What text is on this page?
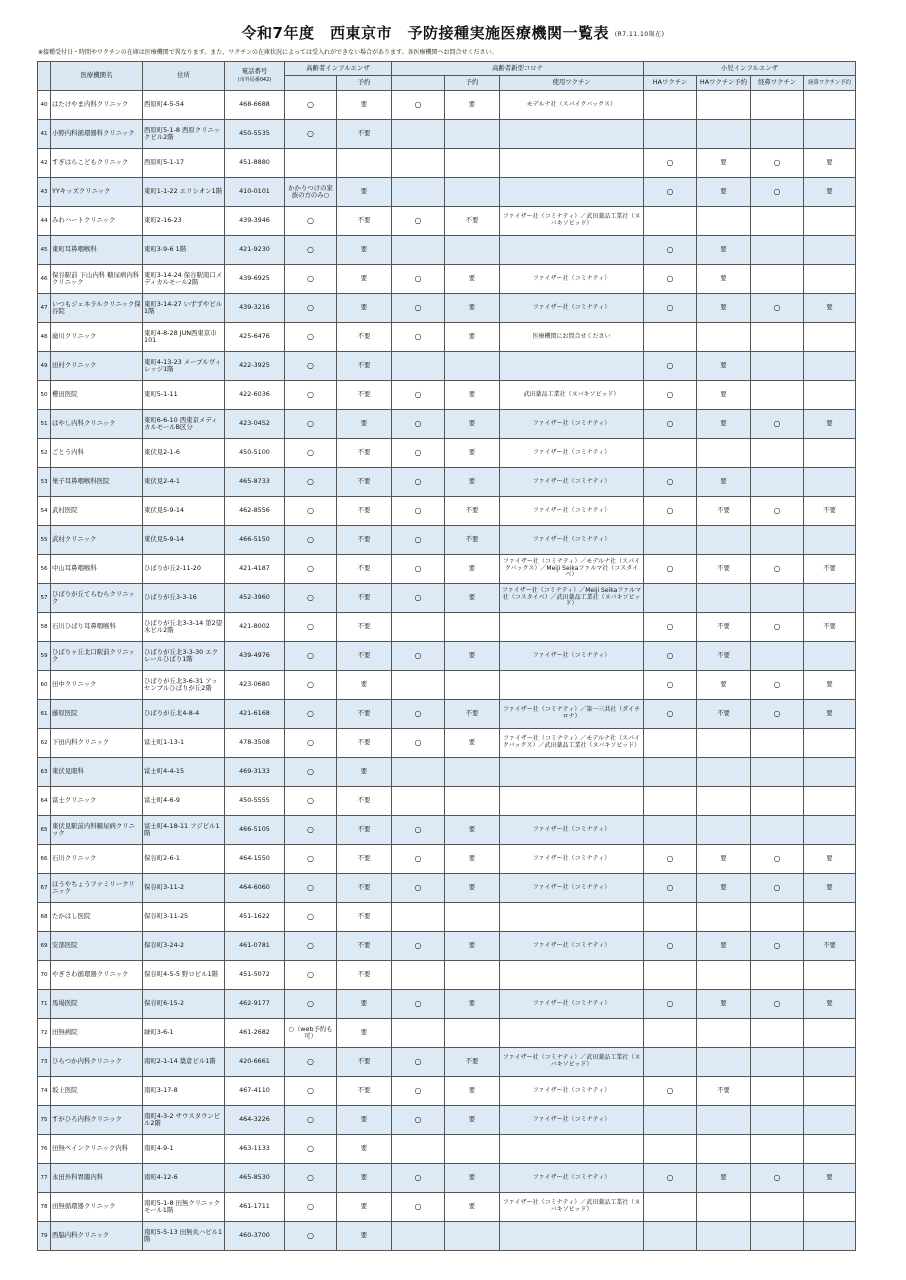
令和7年度　西東京市　予防接種実施医療機関一覧表 (R7.11.10現在)
※接種受付日・時間やワクチンの在庫は医療機関で異なります。また、ワクチンの在庫状況によっては受入れができない場合があります。各医療機関へお問合せください。
	医療機関名	住所	電話番号
(市外局番042)	高齢者インフルエンザ		高齢者新型コロナ			小児インフルエンザ			
					予約		予約	使用ワクチン	HAワクチン	HAワクチン予約	経鼻ワクチン	経鼻ワクチン予約
40	はたけやま内科クリニック	西原町4-5-54	468-6688	○	要	○	要	モデルナ社（スパイクバックス）				
41	小野内科循環器科クリニック	西原町5-1-8 西原クリニックビル2階	450-5535	○	不要							
42	すぎはらこどもクリニック	西原町5-1-17	451-8880						○	要	○	要
43	YYキッズクリニック	東町1-1-22 エリシオン1階	410-0101	かかりつけの家族の方のみ○	要				○	要	○	要
44	みわハートクリニック	東町2-16-23	439-3946	○	不要	○	不要	ファイザー社（コミナティ）／武田薬品工業社（ヌバキソビッド）				
45	東町耳鼻咽喉科	東町3-9-6 1階	421-9230	○	要				○	要		
46	保谷駅前 下山内科 糖尿病内科クリニック	東町3-14-24 保谷駅南口メディカルモール2階	439-6925	○	要	○	要	ファイザー社（コミナティ）	○	要		
47	いつもジェネラルクリニック保谷院	東町3-14-27 いずずやビル1階	439-3216	○	要	○	要	ファイザー社（コミナティ）	○	要	○	要
48	廣川クリニック	東町4-8-28 JUN西東京市101	425-6476	○	不要	○	要	医療機関にお問合せください				
49	田村クリニック	東町4-13-23 メープルヴィレッジ1階	422-3925	○	不要				○	要		
50	櫻田医院	東町5-1-11	422-6036	○	不要	○	要	武田薬品工業社（ヌバキソビッド）	○	要		
51	はやし内科クリニック	東町6-6-10 西東京メディカルモールB区分	423-0452	○	要	○	要	ファイザー社（コミナティ）	○	要	○	要
52	ごとう内科	東伏見2-1-6	450-5100	○	不要	○	要	ファイザー社（コミナティ）				
53	巣子耳鼻咽喉科医院	東伏見2-4-1	465-8733	○	不要	○	要	ファイザー社（コミナティ）	○	要		
54	武村医院	東伏見5-9-14	462-8556	○	不要	○	不要	ファイザー社（コミナティ）	○	不要	○	不要
55	武村クリニック	東伏見5-9-14	466-5150	○	不要	○	不要	ファイザー社（コミナティ）				
56	中山耳鼻咽喉科	ひばりが丘2-11-20	421-4187	○	不要	○	要	ファイザー社（コミナティ）／モデルナ社（スパイクバックス）／Meiji Seikaファルマ社（コスタイベ）	○	不要	○	不要
57	ひばりが丘てらむらクリニック	ひばりが丘3-3-16	452-3960	○	不要	○	要	ファイザー社（コミナティ）／Meiji Seikaファルマ社（コスタイベ）／武田薬品工業社（ヌバキソビッド）				
58	石川ひばり耳鼻咽喉科	ひばりが丘北3-3-14 第2望木ビル2階	421-8002	○	不要				○	不要	○	不要
59	ひばりヶ丘北口駅前クリニック	ひばりが丘北3-3-30 エクレールひばり1階	439-4976	○	不要	○	要	ファイザー社（コミナティ）	○	不要		
60	田中クリニック	ひばりが丘北3-6-31 アッセンブルひばりが丘2階	423-0680	○	要				○	要	○	要
61	藤原医院	ひばりが丘北4-8-4	421-6168	○	不要	○	不要	ファイザー社（コミナティ）／第一三共社（ダイチロナ）	○	不要	○	要
62	下田内科クリニック	富士町1-13-1	478-3508	○	不要	○	要	ファイザー社（コミナティ）／モデルナ社（スパイクバックス）／武田薬品工業社（ヌバキソビッド）				
63	東伏見眼科	富士町4-4-15	469-3133	○	要							
64	富士クリニック	富士町4-6-9	450-5555	○	不要							
65	東伏見駅前内科糖尿病クリニック	富士町4-18-11 フジビル1階	466-5105	○	不要	○	要	ファイザー社（コミナティ）				
66	石川クリニック	保谷町2-6-1	464-1550	○	不要	○	要	ファイザー社（コミナティ）	○	要	○	要
67	ほうやちょうファミリークリニック	保谷町3-11-2	464-6060	○	不要	○	要	ファイザー社（コミナティ）	○	要	○	要
68	たかはし医院	保谷町3-11-25	451-1622	○	不要							
69	安部医院	保谷町3-24-2	461-0781	○	不要	○	要	ファイザー社（コミナティ）	○	要	○	不要
70	やぎさわ循環器クリニック	保谷町4-5-5 野ロビル1階	451-5072	○	不要							
71	馬場医院	保谷町6-15-2	462-9177	○	要	○	要	ファイザー社（コミナティ）	○	要	○	要
72	田無病院	緑町3-6-1	461-2682	○（web予約も可）	要							
73	ひらつか内科クリニック	南町2-1-14 築倉ビル1階	420-6661	○	不要	○	不要	ファイザー社（コミナティ）／武田薬品工業社（ヌバキソビッド）				
74	坂上医院	南町3-17-8	467-4110	○	不要	○	要	ファイザー社（コミナティ）	○	不要		
75	すがひろ内科クリニック	南町4-3-2 サウスタウンビル2階	464-3226	○	要	○	要	ファイザー社（コミナティ）				
76	田無ペインクリニック内科	南町4-9-1	463-1133	○	要							
77	永田外科胃腸内科	南町4-12-6	465-8530	○	要	○	要	ファイザー社（コミナティ）	○	要	○	要
78	田無循環器クリニック	南町5-1-8 田無クリニックモール1階	461-1711	○	要	○	要	ファイザー社（コミナティ）／武田薬品工業社（ヌバキソビッド）				
79	西脇内科クリニック	南町5-5-13 田無丸ハビル1階	460-3700	○	要							
